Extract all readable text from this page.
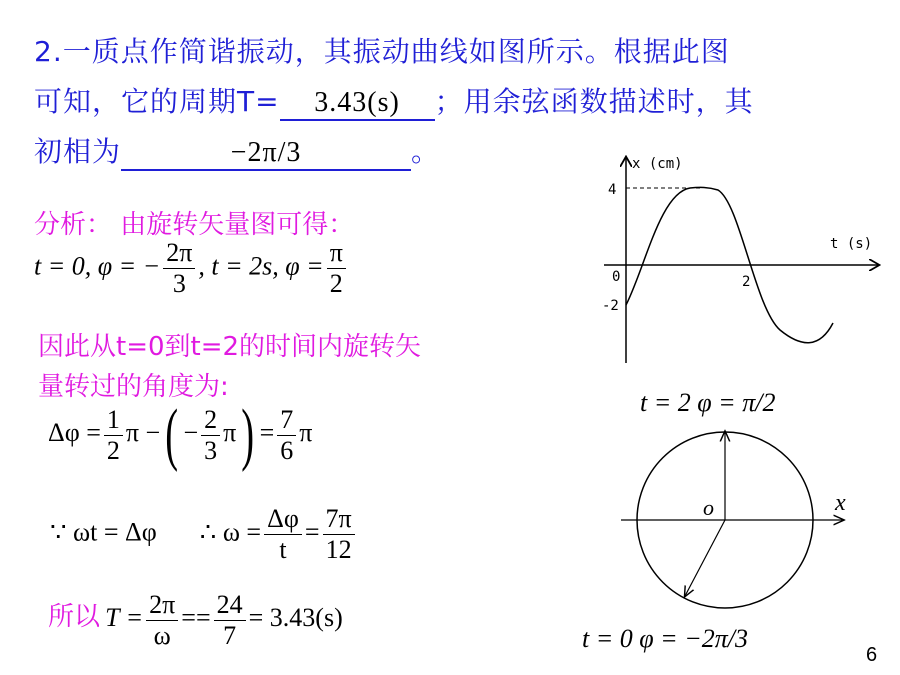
2.一质点作简谐振动，其振动曲线如图所示。根据此图
可知，它的周期T= 3.43(s) ；用余弦函数描述时，其
初相为	−2π/3	。
分析： 由旋转矢量图可得：
t = 0, φ = − $\frac{2\pi}{3}$ , t = 2s, $\varphi = \frac{\pi}{2}$
因此从t=0到t=2的时间内旋转矢
量转过的角度为:
$\Delta\varphi = \frac{1}{2}$ π −( − $\frac{2}{3} \pi) = \frac{7}{6}$ π
∵ ωt = Δφ ∴ $\omega = \frac{\Delta\varphi}{t} = \frac{7\pi}{12}$
所以 $T = \frac{2\pi}{\omega} == \frac{24}{7} = 3.43(s)$
x (cm)
t (s)
4
0
-2
2
t = 2 φ = π/2
o	x
t = 0 φ = −2π/3
6
